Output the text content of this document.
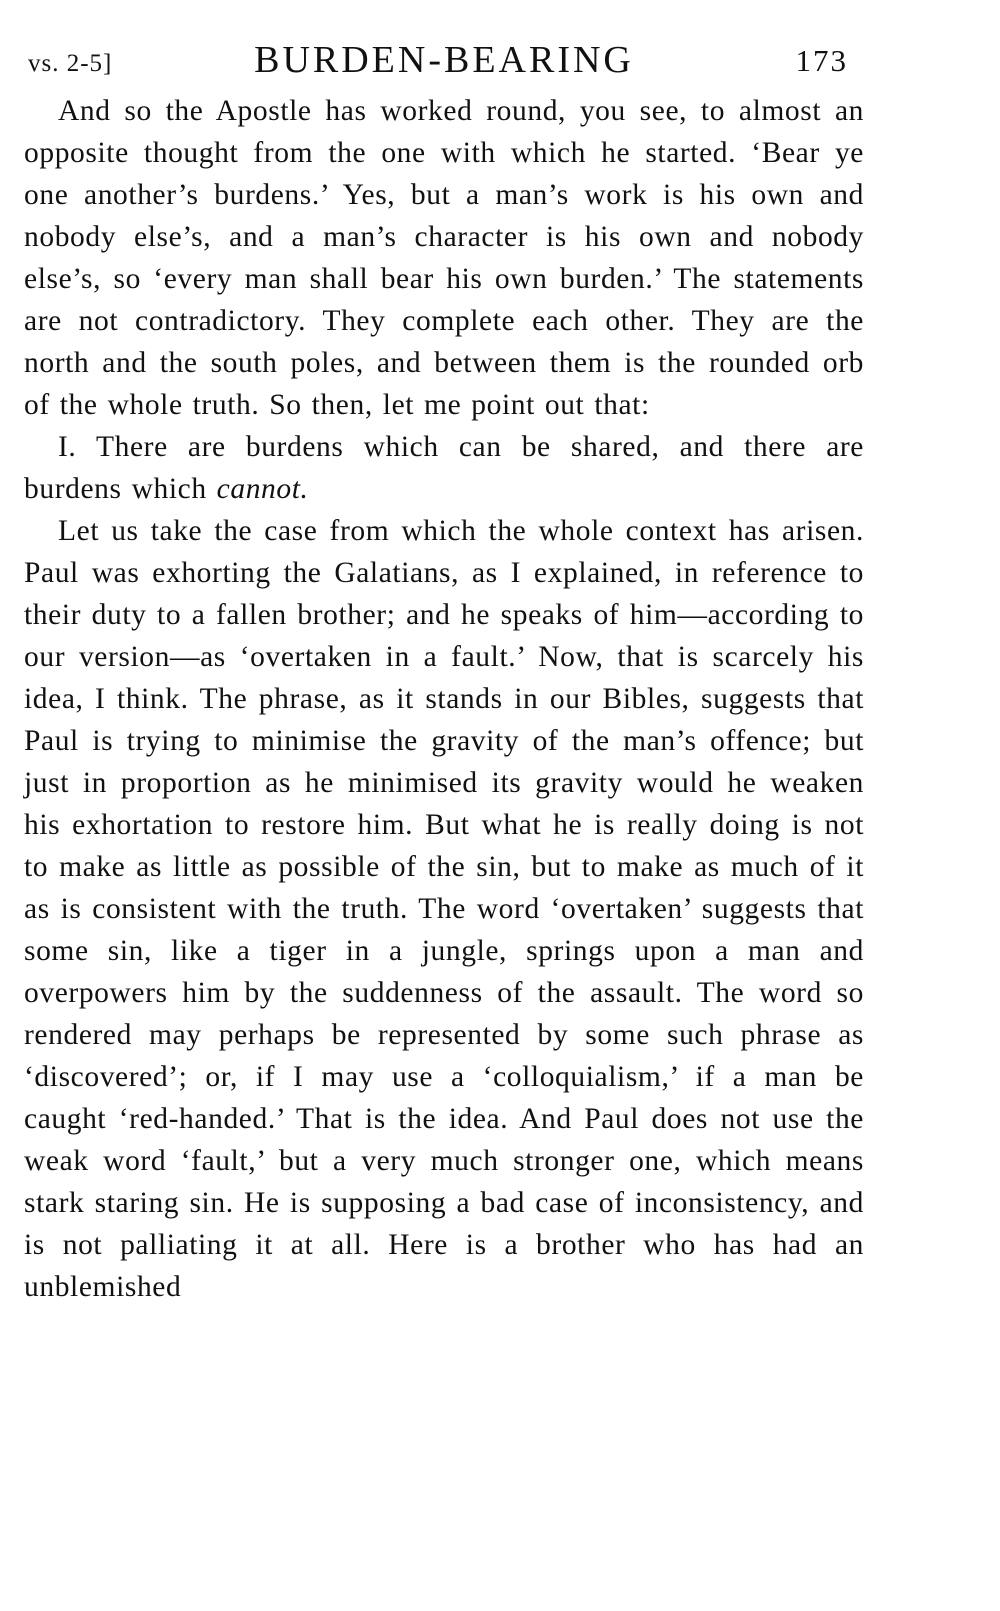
vs. 2-5]	BURDEN-BEARING	173

And so the Apostle has worked round, you see, to almost an opposite thought from the one with which he started. ‘Bear ye one another’s burdens.’ Yes, but a man’s work is his own and nobody else’s, and a man’s character is his own and nobody else’s, so ‘every man shall bear his own burden.’ The statements are not contradictory. They complete each other. They are the north and the south poles, and between them is the rounded orb of the whole truth. So then, let me point out that:

I. There are burdens which can be shared, and there are burdens which cannot.

Let us take the case from which the whole context has arisen. Paul was exhorting the Galatians, as I explained, in reference to their duty to a fallen brother; and he speaks of him—according to our version—as ‘overtaken in a fault.’ Now, that is scarcely his idea, I think. The phrase, as it stands in our Bibles, suggests that Paul is trying to minimise the gravity of the man’s offence; but just in proportion as he minimised its gravity would he weaken his exhortation to restore him. But what he is really doing is not to make as little as possible of the sin, but to make as much of it as is consistent with the truth. The word ‘overtaken’ suggests that some sin, like a tiger in a jungle, springs upon a man and overpowers him by the suddenness of the assault. The word so rendered may perhaps be represented by some such phrase as ‘discovered’; or, if I may use a ‘colloquialism,’ if a man be caught ‘red-handed.’ That is the idea. And Paul does not use the weak word ‘fault,’ but a very much stronger one, which means stark staring sin. He is supposing a bad case of inconsistency, and is not palliating it at all. Here is a brother who has had an unblemished
